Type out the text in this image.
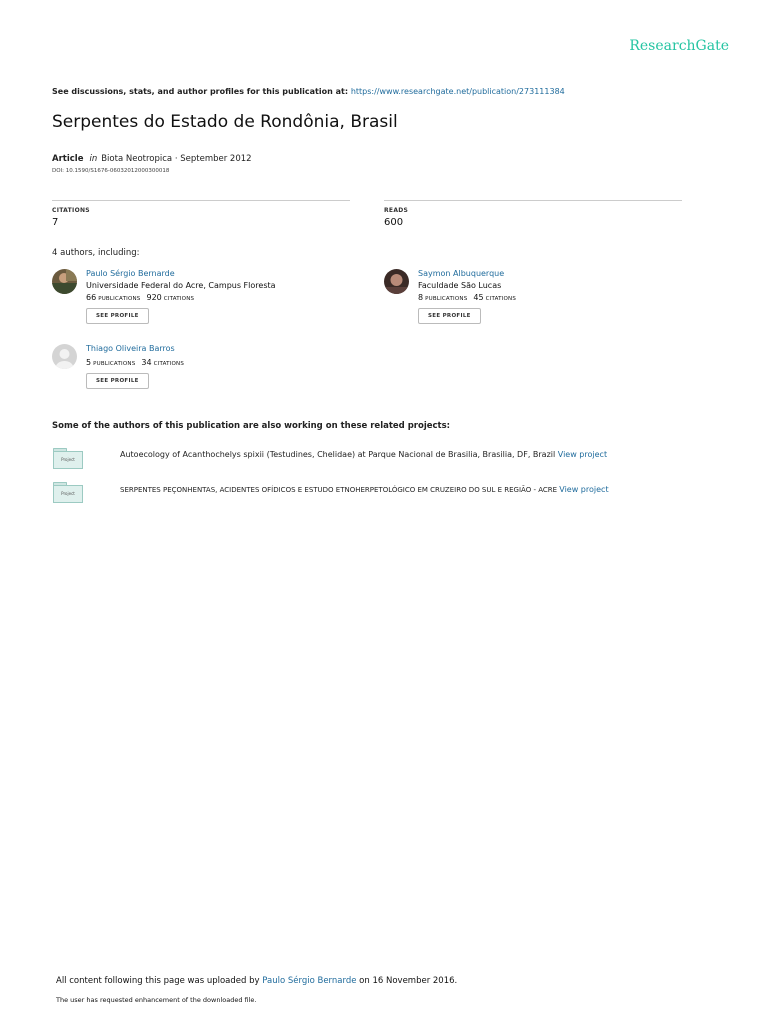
ResearchGate
See discussions, stats, and author profiles for this publication at: https://www.researchgate.net/publication/273111384
Serpentes do Estado de Rondônia, Brasil
Article in Biota Neotropica · September 2012
DOI: 10.1590/S1676-06032012000300018
CITATIONS
7
READS
600
4 authors, including:
Paulo Sérgio Bernarde
Universidade Federal do Acre, Campus Floresta
66 PUBLICATIONS 920 CITATIONS
SEE PROFILE
Saymon Albuquerque
Faculdade São Lucas
8 PUBLICATIONS 45 CITATIONS
SEE PROFILE
Thiago Oliveira Barros
5 PUBLICATIONS 34 CITATIONS
SEE PROFILE
Some of the authors of this publication are also working on these related projects:
Project
Autoecology of Acanthochelys spixii (Testudines, Chelidae) at Parque Nacional de Brasilia, Brasilia, DF, Brazil View project
Project	SERPENTES PEÇONHENTAS, ACIDENTES OFÍDICOS E ESTUDO ETNOHERPETOLÓGICO EM CRUZEIRO DO SUL E REGIÃO - ACRE View project
All content following this page was uploaded by Paulo Sérgio Bernarde on 16 November 2016.
The user has requested enhancement of the downloaded file.
